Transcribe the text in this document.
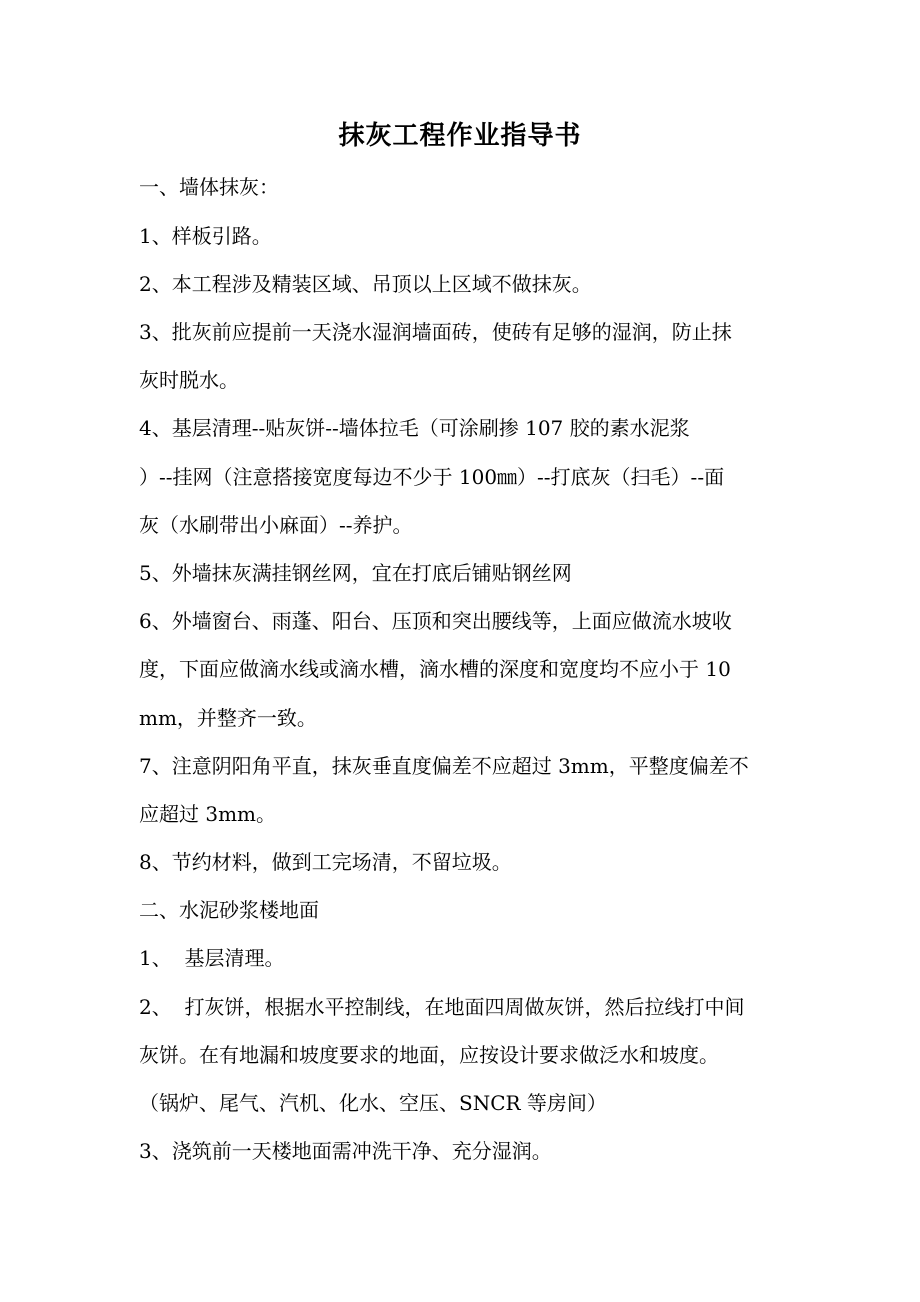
抹灰工程作业指导书
一、墙体抹灰：
1、样板引路。
2、本工程涉及精装区域、吊顶以上区域不做抹灰。
3、批灰前应提前一天浇水湿润墙面砖，使砖有足够的湿润，防止抹
灰时脱水。
4、基层清理--贴灰饼--墙体拉毛（可涂刷掺 107 胶的素水泥浆
）--挂网（注意搭接宽度每边不少于 100㎜）--打底灰（扫毛）--面
灰（水刷带出小麻面）--养护。
5、外墙抹灰满挂钢丝网，宜在打底后铺贴钢丝网
6、外墙窗台、雨蓬、阳台、压顶和突出腰线等，上面应做流水坡收
度，下面应做滴水线或滴水槽，滴水槽的深度和宽度均不应小于 10
mm，并整齐一致。
7、注意阴阳角平直，抹灰垂直度偏差不应超过 3mm，平整度偏差不
应超过 3mm。
8、节约材料，做到工完场清，不留垃圾。
二、水泥砂浆楼地面
1、  基层清理。
2、  打灰饼，根据水平控制线，在地面四周做灰饼，然后拉线打中间
灰饼。在有地漏和坡度要求的地面，应按设计要求做泛水和坡度。
（锅炉、尾气、汽机、化水、空压、SNCR 等房间）
3、浇筑前一天楼地面需冲洗干净、充分湿润。
